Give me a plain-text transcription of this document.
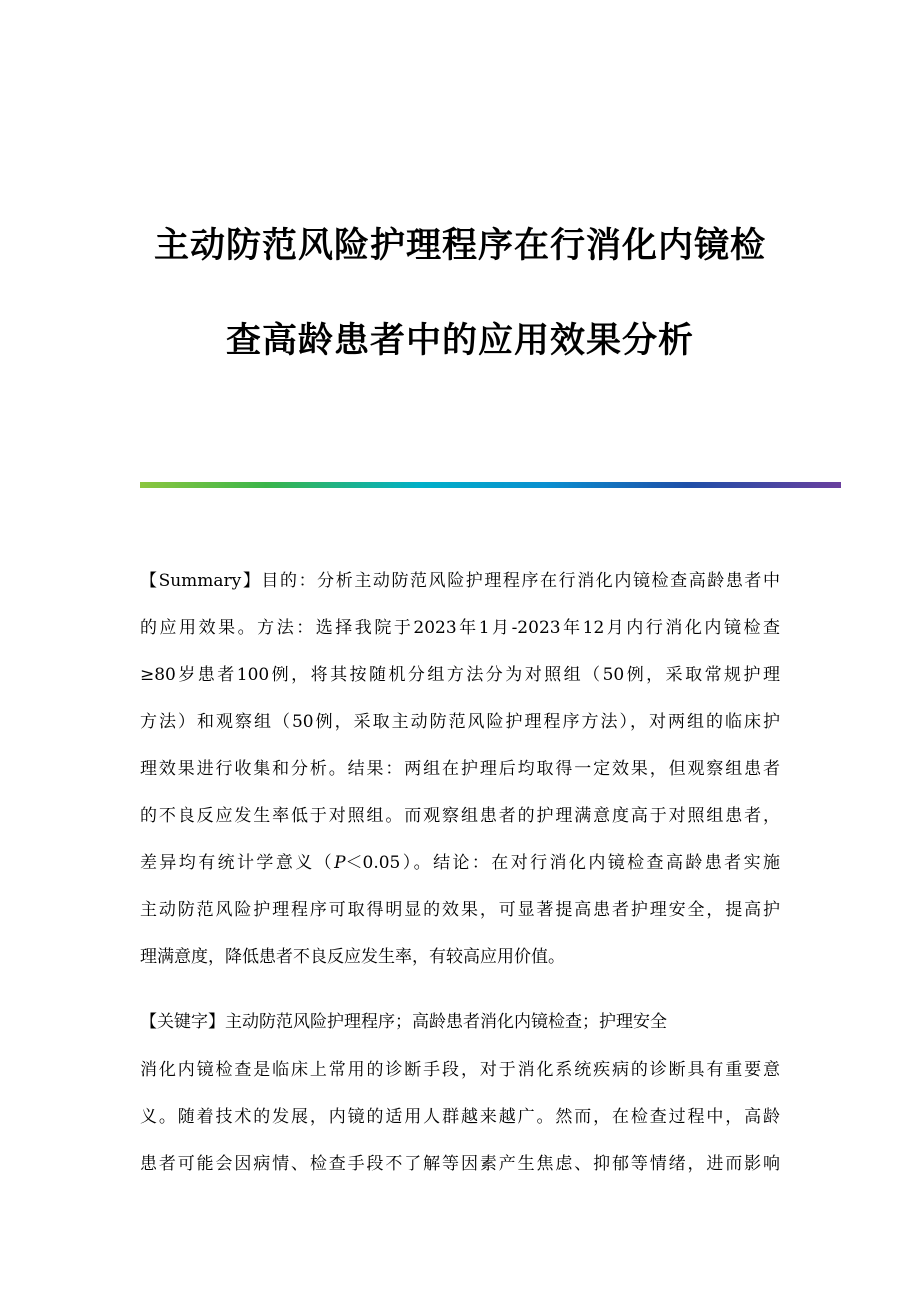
主动防范风险护理程序在行消化内镜检
查高龄患者中的应用效果分析
【Summary】目的：分析主动防范风险护理程序在行消化内镜检查高龄患者中
的应用效果。方法：选择我院于2023年1月-2023年12月内行消化内镜检查
≥80岁患者100例，将其按随机分组方法分为对照组（50例，采取常规护理
方法）和观察组（50例，采取主动防范风险护理程序方法），对两组的临床护
理效果进行收集和分析。结果：两组在护理后均取得一定效果，但观察组患者
的不良反应发生率低于对照组。而观察组患者的护理满意度高于对照组患者，
差异均有统计学意义（P＜0.05）。结论：在对行消化内镜检查高龄患者实施
主动防范风险护理程序可取得明显的效果，可显著提高患者护理安全，提高护
理满意度，降低患者不良反应发生率，有较高应用价值。
【关键字】主动防范风险护理程序；高龄患者消化内镜检查；护理安全
消化内镜检查是临床上常用的诊断手段，对于消化系统疾病的诊断具有重要意
义。随着技术的发展，内镜的适用人群越来越广。然而，在检查过程中，高龄
患者可能会因病情、检查手段不了解等因素产生焦虑、抑郁等情绪，进而影响
